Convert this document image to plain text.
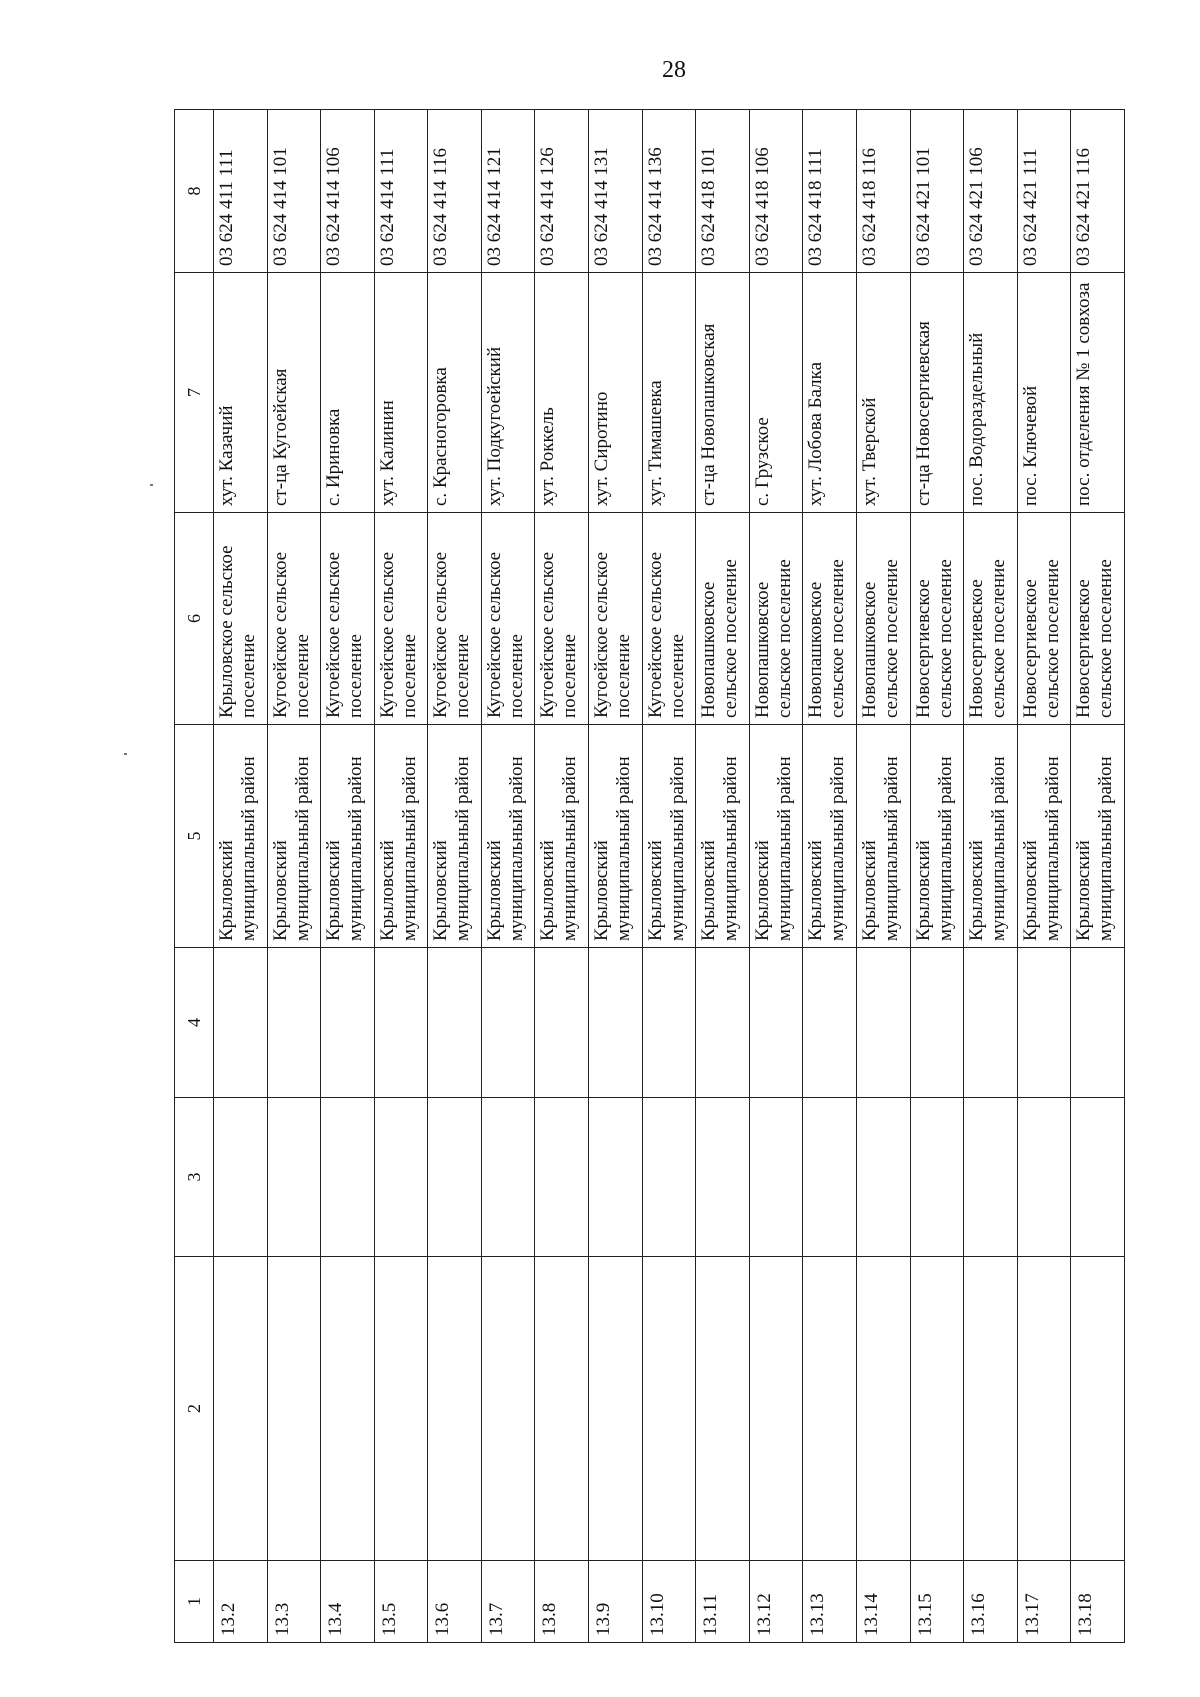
28
1	2	3	4	5	6	7	8
13.2				Крыловский муниципальный район	Крыловское сельское поселение	хут. Казачий	03 624 411 111
13.3				Крыловский муниципальный район	Кугоейское сельское поселение	ст-ца Кугоейская	03 624 414 101
13.4				Крыловский муниципальный район	Кугоейское сельское поселение	с. Ириновка	03 624 414 106
13.5				Крыловский муниципальный район	Кугоейское сельское поселение	хут. Калинин	03 624 414 111
13.6				Крыловский муниципальный район	Кугоейское сельское поселение	с. Красногоровка	03 624 414 116
13.7				Крыловский муниципальный район	Кугоейское сельское поселение	хут. Подкугоейский	03 624 414 121
13.8				Крыловский муниципальный район	Кугоейское сельское поселение	хут. Роккель	03 624 414 126
13.9				Крыловский муниципальный район	Кугоейское сельское поселение	хут. Сиротино	03 624 414 131
13.10				Крыловский муниципальный район	Кугоейское сельское поселение	хут. Тимашевка	03 624 414 136
13.11				Крыловский муниципальный район	Новопашковское сельское поселение	ст-ца Новопашковская	03 624 418 101
13.12				Крыловский муниципальный район	Новопашковское сельское поселение	с. Грузское	03 624 418 106
13.13				Крыловский муниципальный район	Новопашковское сельское поселение	хут. Лобова Балка	03 624 418 111
13.14				Крыловский муниципальный район	Новопашковское сельское поселение	хут. Тверской	03 624 418 116
13.15				Крыловский муниципальный район	Новосергиевское сельское поселение	ст-ца Новосергиевская	03 624 421 101
13.16				Крыловский муниципальный район	Новосергиевское сельское поселение	пос. Водораздельный	03 624 421 106
13.17				Крыловский муниципальный район	Новосергиевское сельское поселение	пос. Ключевой	03 624 421 111
13.18				Крыловский муниципальный район	Новосергиевское сельское поселение	пос. отделения № 1 совхоза	03 624 421 116
